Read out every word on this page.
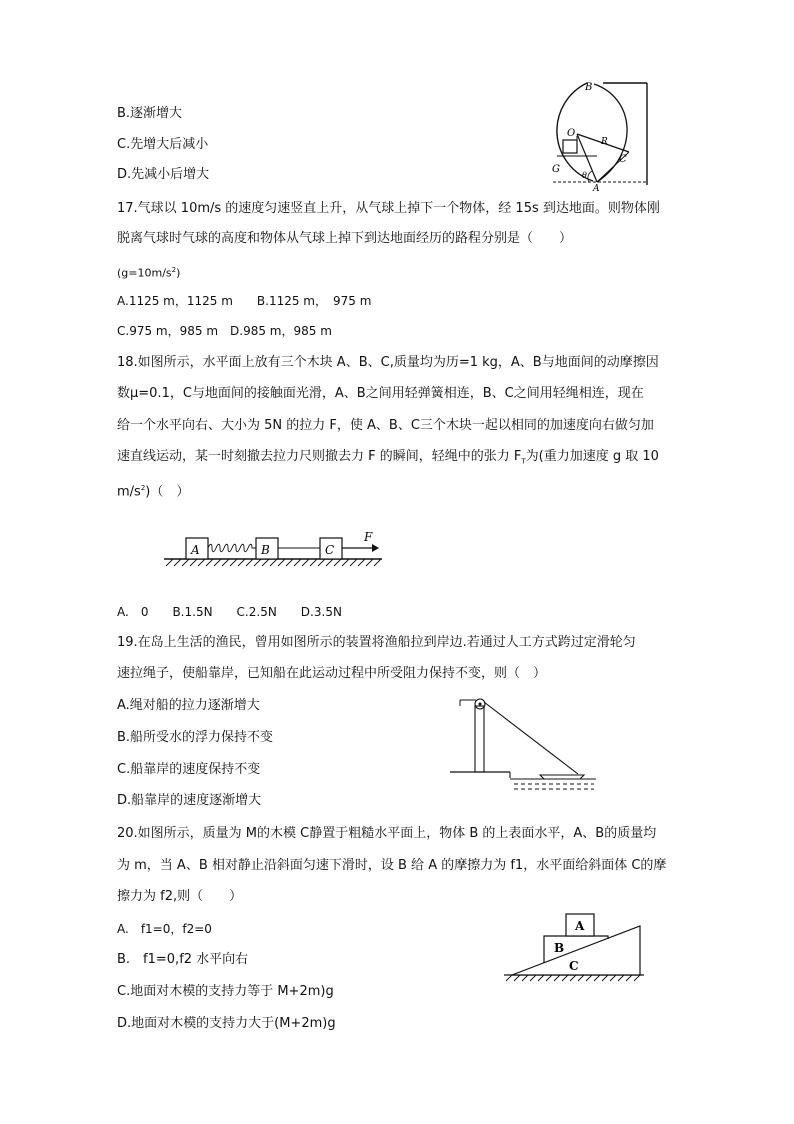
B.逐渐增大
C.先增大后减小
D.先减小后增大
B
O
R
C
G
θ
A
17.气球以 10m/s 的速度匀速竖直上升，从气球上掉下一个物体，经 15s 到达地面。则物体刚
脱离气球时气球的高度和物体从气球上掉下到达地面经历的路程分别是（　　）
$(g=10m/s^2)$
A.1125 m，1125 m　　B.1125 m，　975 m
C.975 m，985 m　D.985 m，985 m
18.如图所示，水平面上放有三个木块 A、B、C,质量均为历=1 kg，A、B与地面间的动摩擦因
数μ=0.1，C与地面间的接触面光滑，A、B之间用轻弹簧相连，B、C之间用轻绳相连，现在
给一个水平向右、大小为 5N 的拉力 F，使 A、B、C三个木块一起以相同的加速度向右做匀加
速直线运动，某一时刻撤去拉力尺则撤去力 F 的瞬间，轻绳中的张力 $F_T$为(重力加速度 g 取 10
$m/s^2$)（　）
A	B	C
F
A.　0　　B.1.5N　　C.2.5N　　D.3.5N
19.在岛上生活的渔民，曾用如图所示的装置将渔船拉到岸边.若通过人工方式跨过定滑轮匀
速拉绳子，使船靠岸，已知船在此运动过程中所受阻力保持不变，则（　）
A.绳对船的拉力逐渐增大
B.船所受水的浮力保持不变
C.船靠岸的速度保持不变
D.船靠岸的速度逐渐增大
20.如图所示，质量为 M的木模 C静置于粗糙水平面上，物体 B 的上表面水平，A、B的质量均
为 m，当 A、B 相对静止沿斜面匀速下滑时，设 B 给 A 的摩擦力为 f1，水平面给斜面体 C的摩
擦力为 f2,则（　　）
A.　f1=0，f2=0
B.　f1=0,f2 水平向右
C.地面对木模的支持力等于 M+2m)g
D.地面对木模的支持力大于(M+2m)g
A
B
C
